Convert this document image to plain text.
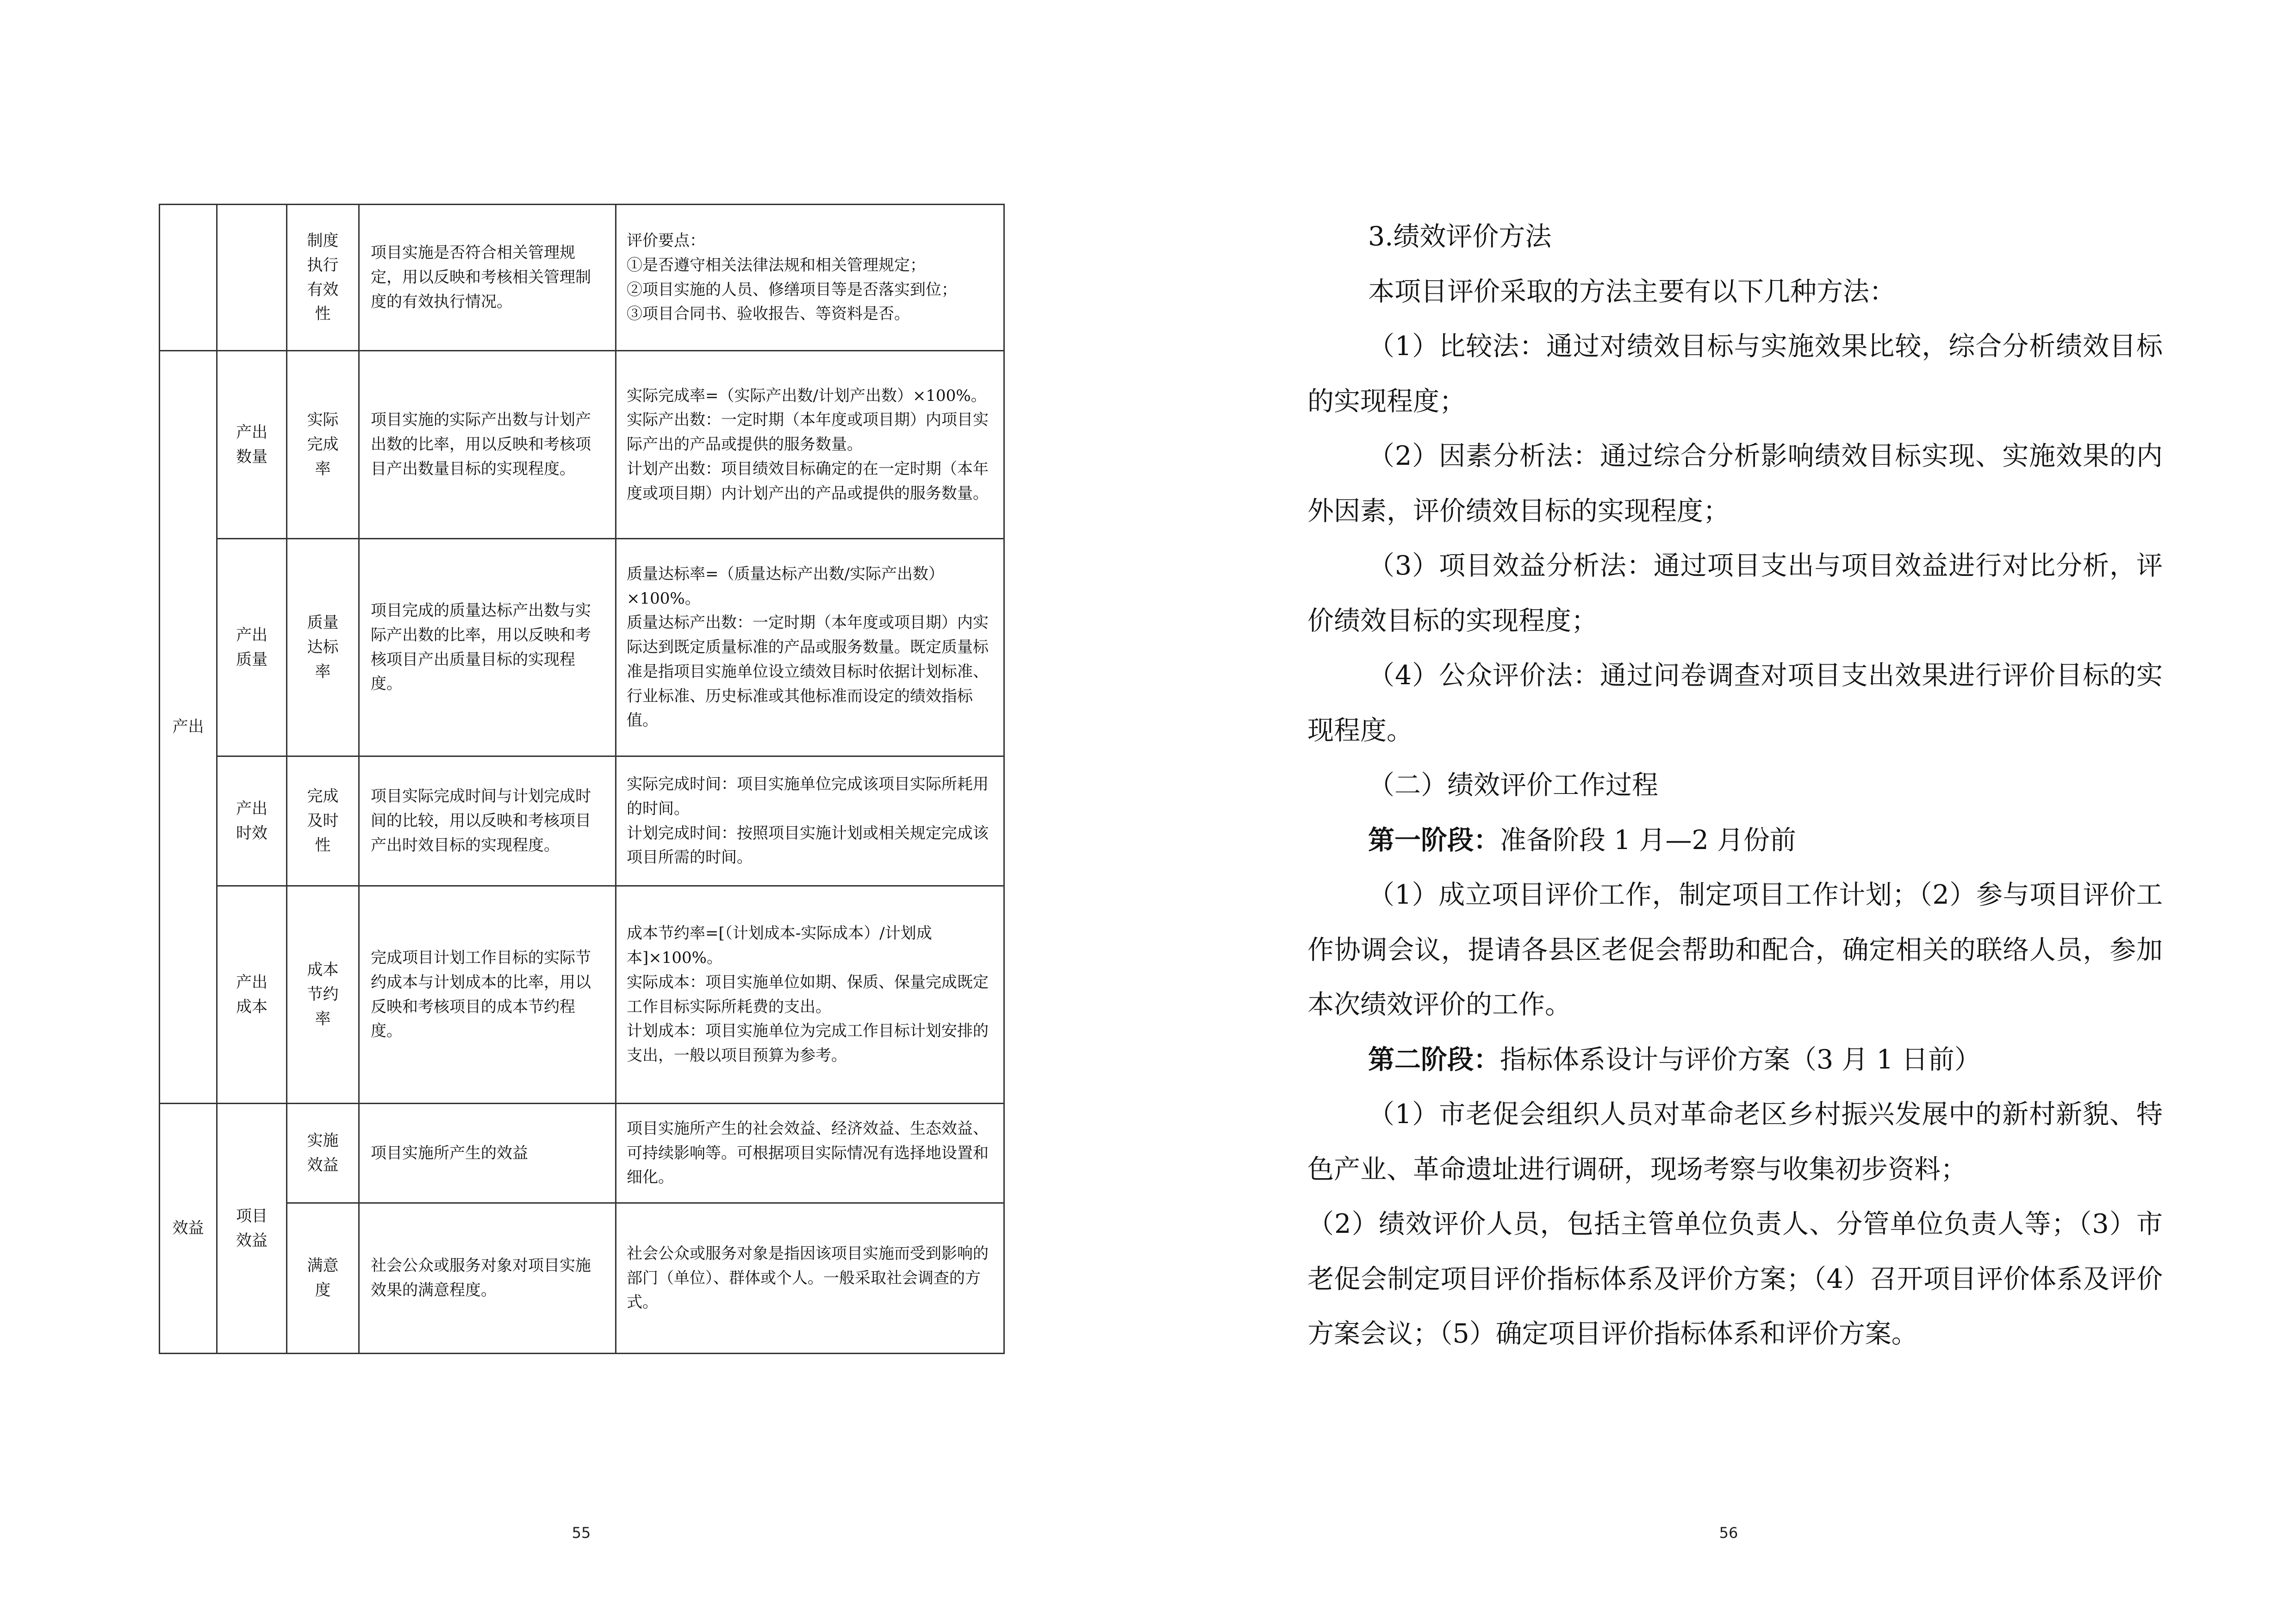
		制度执行有效性	项目实施是否符合相关管理规定，用以反映和考核相关管理制度的有效执行情况。	评价要点：
①是否遵守相关法律法规和相关管理规定；
②项目实施的人员、修缮项目等是否落实到位；
③项目合同书、验收报告、等资料是否。

产出	产出数量	实际完成率	项目实施的实际产出数与计划产出数的比率，用以反映和考核项目产出数量目标的实现程度。	实际完成率=（实际产出数/计划产出数）×100%。
实际产出数：一定时期（本年度或项目期）内项目实际产出的产品或提供的服务数量。
计划产出数：项目绩效目标确定的在一定时期（本年度或项目期）内计划产出的产品或提供的服务数量。

	产出质量	质量达标率	项目完成的质量达标产出数与实际产出数的比率，用以反映和考核项目产出质量目标的实现程度。	质量达标率=（质量达标产出数/实际产出数）×100%。
质量达标产出数：一定时期（本年度或项目期）内实际达到既定质量标准的产品或服务数量。既定质量标准是指项目实施单位设立绩效目标时依据计划标准、行业标准、历史标准或其他标准而设定的绩效指标值。

	产出时效	完成及时性	项目实际完成时间与计划完成时间的比较，用以反映和考核项目产出时效目标的实现程度。	实际完成时间：项目实施单位完成该项目实际所耗用的时间。
计划完成时间：按照项目实施计划或相关规定完成该项目所需的时间。

	产出成本	成本节约率	完成项目计划工作目标的实际节约成本与计划成本的比率，用以反映和考核项目的成本节约程度。	成本节约率=[（计划成本-实际成本）/计划成本]×100%。
实际成本：项目实施单位如期、保质、保量完成既定工作目标实际所耗费的支出。
计划成本：项目实施单位为完成工作目标计划安排的支出，一般以项目预算为参考。

效益	项目效益	实施效益	项目实施所产生的效益	项目实施所产生的社会效益、经济效益、生态效益、可持续影响等。可根据项目实际情况有选择地设置和细化。

		满意度	社会公众或服务对象对项目实施效果的满意程度。	社会公众或服务对象是指因该项目实施而受到影响的部门（单位）、群体或个人。一般采取社会调查的方式。
55

3.绩效评价方法

本项目评价采取的方法主要有以下几种方法：

（1）比较法：通过对绩效目标与实施效果比较，综合分析绩效目标的实现程度；

（2）因素分析法：通过综合分析影响绩效目标实现、实施效果的内外因素，评价绩效目标的实现程度；

（3）项目效益分析法：通过项目支出与项目效益进行对比分析，评价绩效目标的实现程度；

（4）公众评价法：通过问卷调查对项目支出效果进行评价目标的实现程度。

（二）绩效评价工作过程

第一阶段：准备阶段 1 月—2 月份前

（1）成立项目评价工作，制定项目工作计划；（2）参与项目评价工作协调会议，提请各县区老促会帮助和配合，确定相关的联络人员，参加本次绩效评价的工作。

第二阶段：指标体系设计与评价方案（3 月 1 日前）

（1）市老促会组织人员对革命老区乡村振兴发展中的新村新貌、特色产业、革命遗址进行调研，现场考察与收集初步资料；

（2）绩效评价人员，包括主管单位负责人、分管单位负责人等；（3）市老促会制定项目评价指标体系及评价方案；（4）召开项目评价体系及评价方案会议；（5）确定项目评价指标体系和评价方案。

56
